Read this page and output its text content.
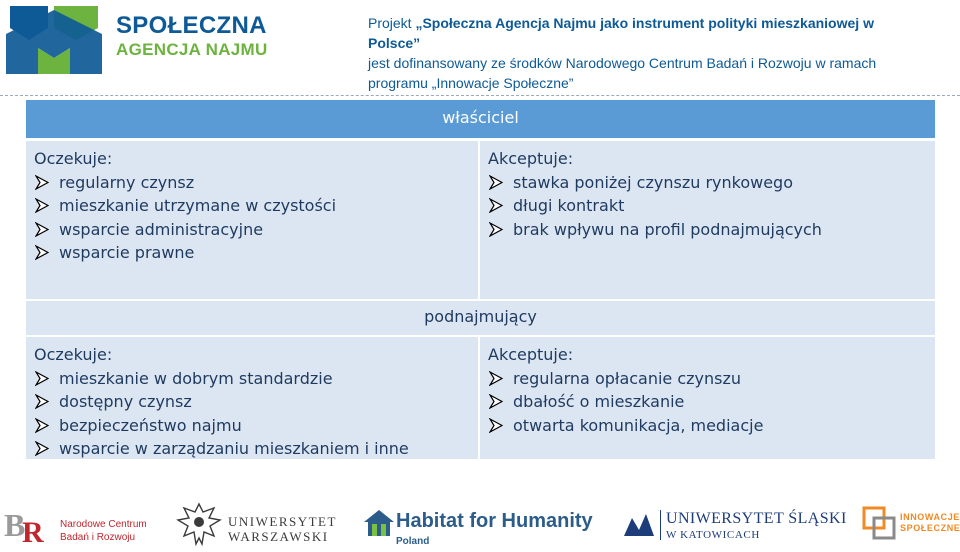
SPOŁECZNA
AGENCJA NAJMU
Projekt „Społeczna Agencja Najmu jako instrument polityki mieszkaniowej w Polsce”
jest dofinansowany ze środków Narodowego Centrum Badań i Rozwoju w ramach
programu „Innowacje Społeczne”
właściciel
Oczekuje:
regularny czynsz
mieszkanie utrzymane w czystości
wsparcie administracyjne
wsparcie prawne
Akceptuje:
stawka poniżej czynszu rynkowego
długi kontrakt
brak wpływu na profil podnajmujących
podnajmujący
Oczekuje:
mieszkanie w dobrym standardzie
dostępny czynsz
bezpieczeństwo najmu
wsparcie w zarządzaniu mieszkaniem i inne
Akceptuje:
regularna opłacanie czynszu
dbałość o mieszkanie
otwarta komunikacja, mediacje
B
R Narodowe Centrum
Badań i Rozwoju
UNIWERSYTET
WARSZAWSKI
Habitat for Humanity
Poland
UNIWERSYTET ŚLĄSKI
W KATOWICACH
INNOWACJE
SPOŁECZNE
